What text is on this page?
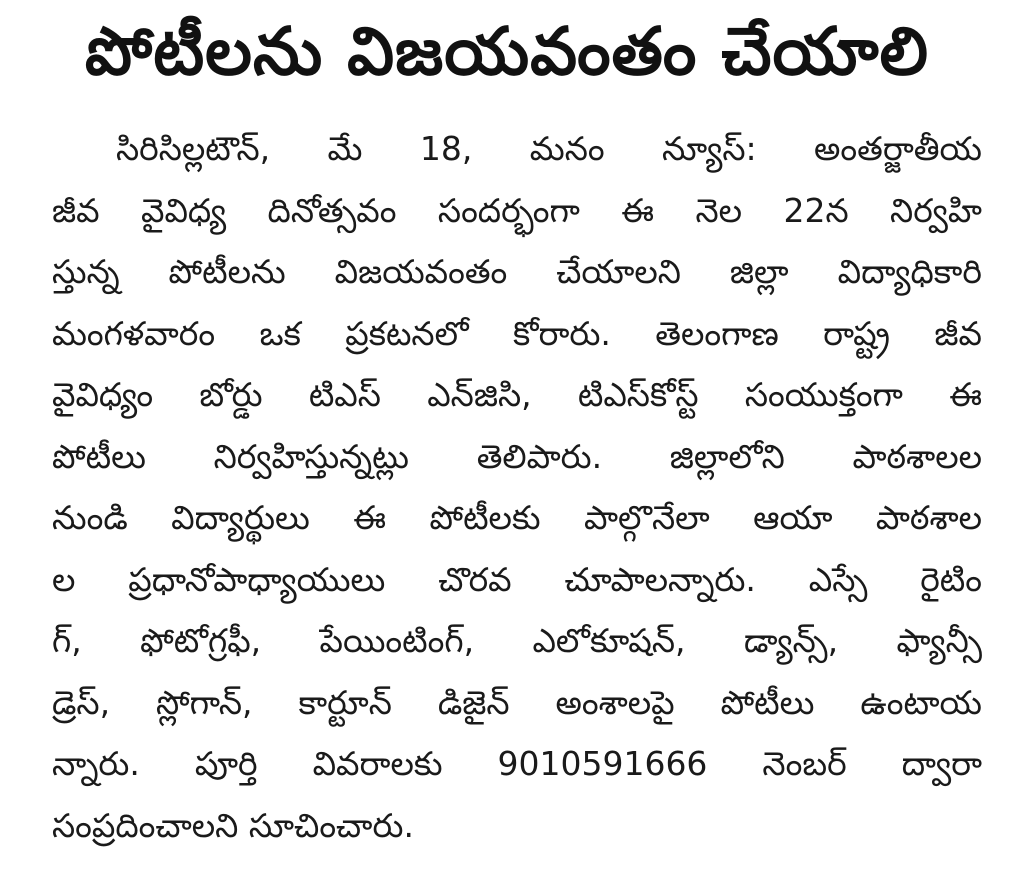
పోటీలను విజయవంతం చేయాలి
సిరిసిల్లటౌన్, మే 18, మనం న్యూస్: అంతర్జాతీయ
జీవ వైవిధ్య దినోత్సవం సందర్భంగా ఈ నెల 22న నిర్వహి
స్తున్న పోటీలను విజయవంతం చేయాలని జిల్లా విద్యాధికారి
మంగళవారం ఒక ప్రకటనలో కోరారు. తెలంగాణ రాష్ట్ర జీవ
వైవిధ్యం బోర్డు టిఎస్ ఎన్‌జిసి, టిఎస్‌కోస్ట్ సంయుక్తంగా ఈ
పోటీలు నిర్వహిస్తున్నట్లు తెలిపారు. జిల్లాలోని పాఠశాలల
నుండి విద్యార్థులు ఈ పోటీలకు పాల్గొనేలా ఆయా పాఠశాల
ల ప్రధానోపాధ్యాయులు చొరవ చూపాలన్నారు. ఎస్సే రైటిం
గ్, ఫోటోగ్రఫీ, పేయింటింగ్, ఎలోకూషన్, డ్యాన్స్, ఫ్యాన్సీ
డ్రెస్, స్లోగాన్, కార్టూన్ డిజైన్ అంశాలపై పోటీలు ఉంటాయ
న్నారు. పూర్తి వివరాలకు 9010591666 నెంబర్ ద్వారా
సంప్రదించాలని సూచించారు.
